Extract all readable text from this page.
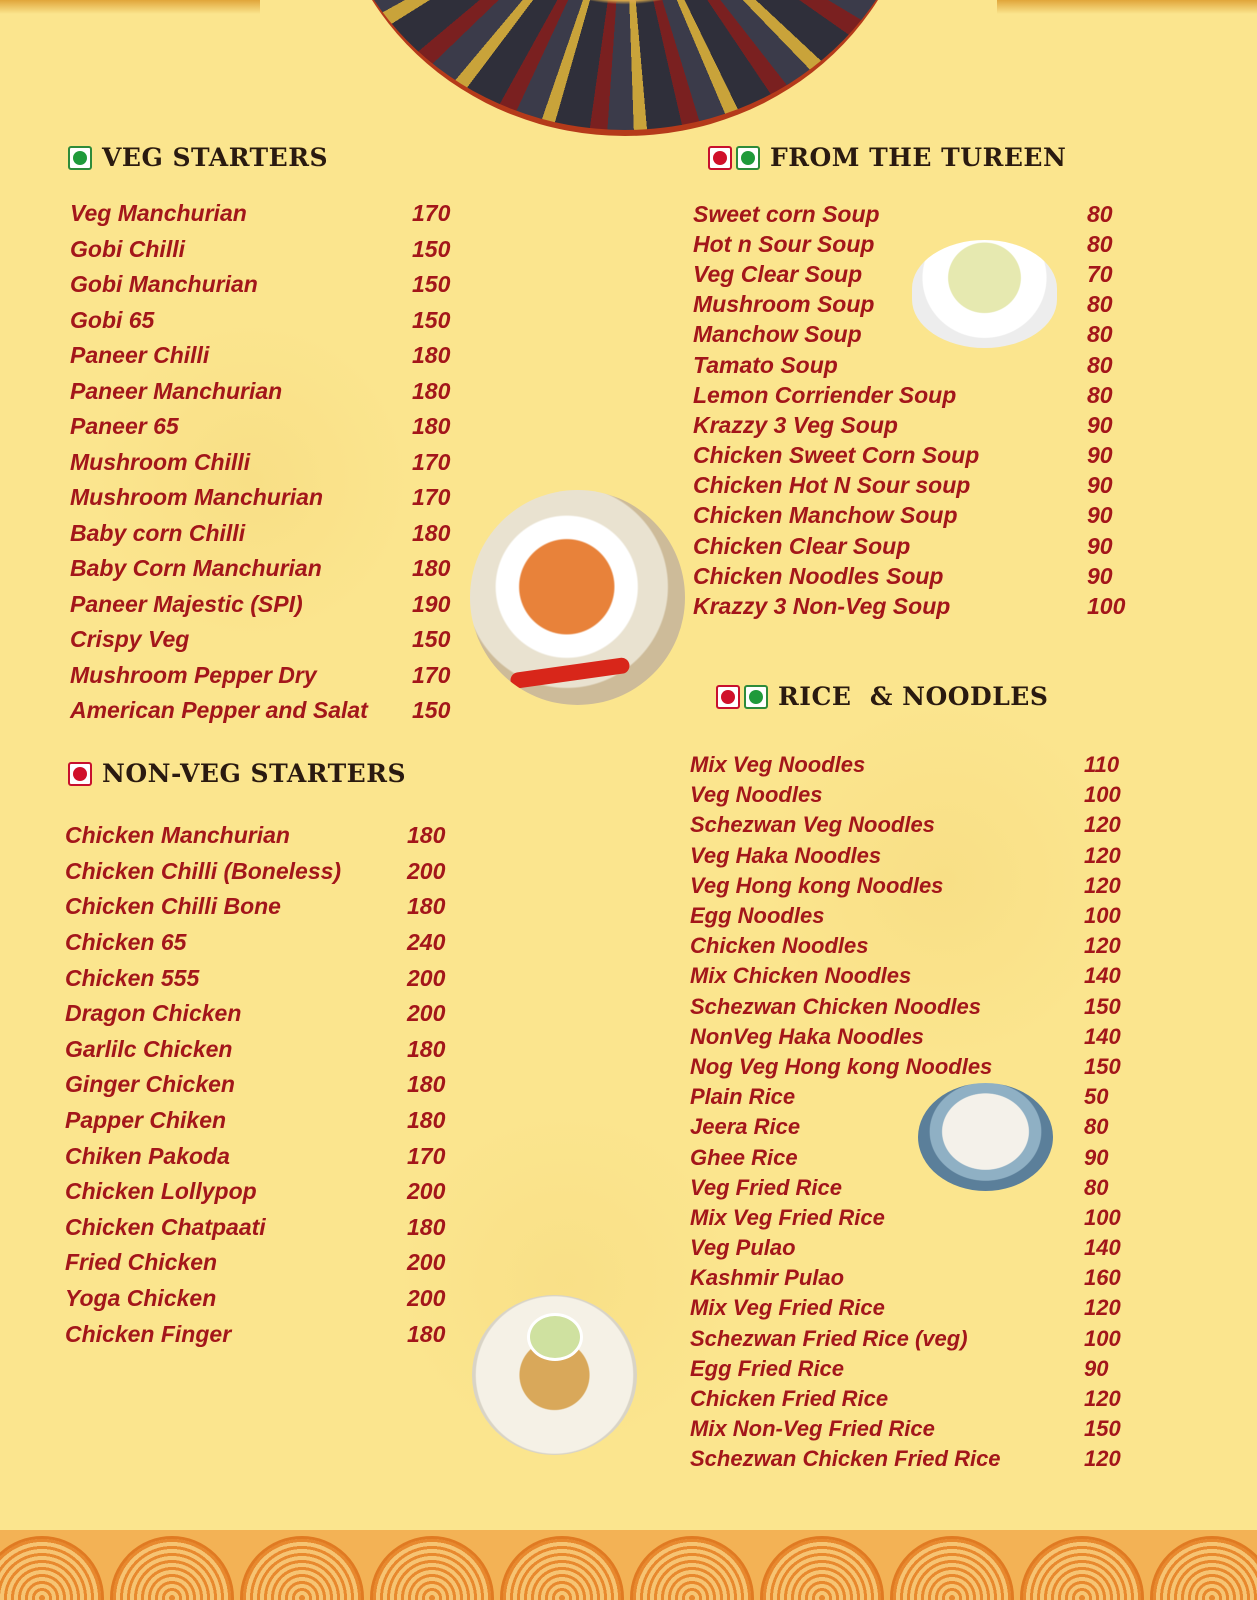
VEG STARTERS
Veg Manchurian	170
Gobi Chilli	150
Gobi Manchurian	150
Gobi 65	150
Paneer Chilli	180
Paneer Manchurian	180
Paneer 65	180
Mushroom Chilli	170
Mushroom Manchurian	170
Baby corn Chilli	180
Baby Corn Manchurian	180
Paneer Majestic (SPI)	190
Crispy Veg	150
Mushroom Pepper Dry	170
American Pepper and Salat 150
NON-VEG STARTERS
Chicken Manchurian	180
Chicken Chilli (Boneless)	200
Chicken Chilli Bone	180
Chicken 65	240
Chicken 555	200
Dragon Chicken	200
Garlilc Chicken	180
Ginger Chicken	180
Papper Chiken	180
Chiken Pakoda	170
Chicken Lollypop	200
Chicken Chatpaati	180
Fried Chicken	200
Yoga Chicken	200
Chicken Finger	180
FROM THE TUREEN
Sweet corn Soup	80
Hot n Sour Soup	80
Veg Clear Soup	70
Mushroom Soup	80
Manchow Soup	80
Tamato Soup	80
Lemon Corriender Soup	80
Krazzy 3 Veg Soup	90
Chicken Sweet Corn Soup	90
Chicken Hot N Sour soup	90
Chicken Manchow Soup	90
Chicken Clear Soup	90
Chicken Noodles Soup	90
Krazzy 3 Non-Veg Soup	100
RICE  & NOODLES
Mix Veg Noodles	110
Veg Noodles	100
Schezwan Veg Noodles	120
Veg Haka Noodles	120
Veg Hong kong Noodles	120
Egg Noodles	100
Chicken Noodles	120
Mix Chicken Noodles	140
Schezwan Chicken Noodles	150
NonVeg Haka Noodles	140
Nog Veg Hong kong Noodles	150
Plain Rice	50
Jeera Rice	80
Ghee Rice	90
Veg Fried Rice	80
Mix Veg Fried Rice	100
Veg Pulao	140
Kashmir Pulao	160
Mix Veg Fried Rice	120
Schezwan Fried Rice (veg)	100
Egg Fried Rice	90
Chicken Fried Rice	120
Mix Non-Veg Fried Rice	150
Schezwan Chicken Fried Rice	120
